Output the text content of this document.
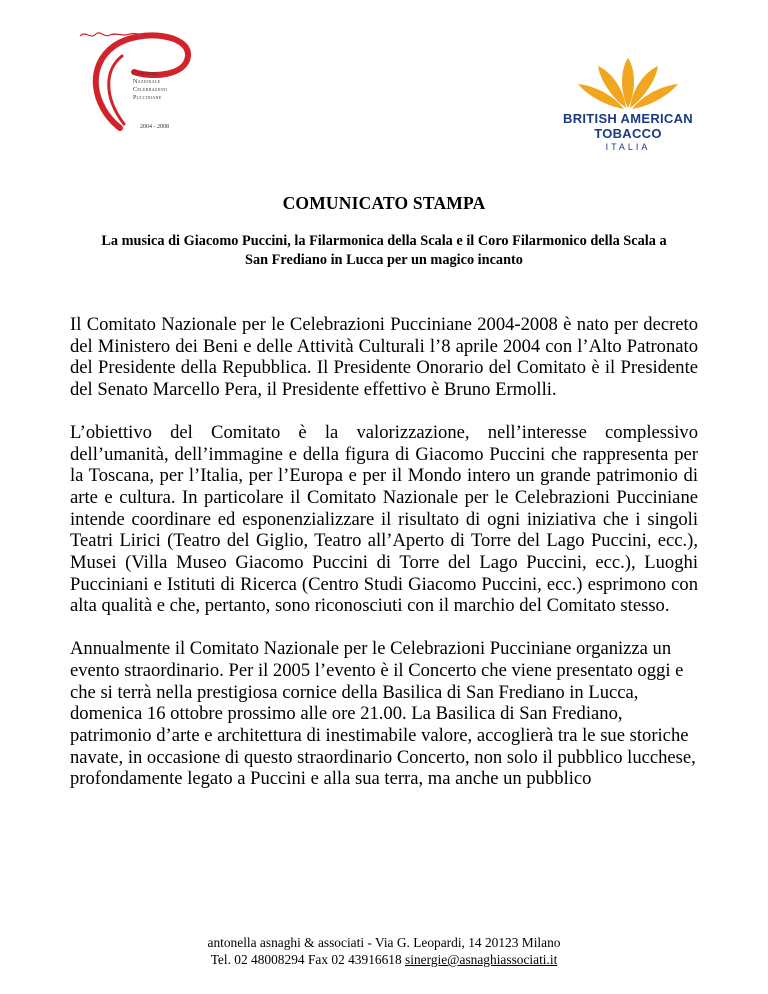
Comitato
Nazionale
Celebrazioni
Pucciniane
2004 - 2008
BRITISH AMERICAN
TOBACCO
ITALIA
COMUNICATO STAMPA
La musica di Giacomo Puccini, la Filarmonica della Scala e il Coro Filarmonico della Scala a San Frediano in Lucca per un magico incanto

Il Comitato Nazionale per le Celebrazioni Pucciniane 2004-2008 è nato per decreto del Ministero dei Beni e delle Attività Culturali l’8 aprile 2004 con l’Alto Patronato del Presidente della Repubblica. Il Presidente Onorario del Comitato è il Presidente del Senato Marcello Pera, il Presidente effettivo è Bruno Ermolli.

L’obiettivo del Comitato è la valorizzazione, nell’interesse complessivo dell’umanità, dell’immagine e della figura di Giacomo Puccini che rappresenta per la Toscana, per l’Italia, per l’Europa e per il Mondo intero un grande patrimonio di arte e cultura. In particolare il Comitato Nazionale per le Celebrazioni Pucciniane intende coordinare ed esponenzializzare il risultato di ogni iniziativa che i singoli Teatri Lirici (Teatro del Giglio, Teatro all’Aperto di Torre del Lago Puccini, ecc.), Musei (Villa Museo Giacomo Puccini di Torre del Lago Puccini, ecc.), Luoghi Pucciniani e Istituti di Ricerca (Centro Studi Giacomo Puccini, ecc.) esprimono con alta qualità e che, pertanto, sono riconosciuti con il marchio del Comitato stesso.

Annualmente il Comitato Nazionale per le Celebrazioni Pucciniane organizza un evento straordinario. Per il 2005 l’evento è il Concerto che viene presentato oggi e che si terrà nella prestigiosa cornice della Basilica di San Frediano in Lucca, domenica 16 ottobre prossimo alle ore 21.00. La Basilica di San Frediano, patrimonio d’arte e architettura di inestimabile valore, accoglierà tra le sue storiche navate, in occasione di questo straordinario Concerto, non solo il pubblico lucchese, profondamente legato a Puccini e alla sua terra, ma anche un pubblico

antonella asnaghi & associati - Via G. Leopardi, 14 20123 Milano
Tel. 02 48008294 Fax 02 43916618 sinergie@asnaghiassociati.it
